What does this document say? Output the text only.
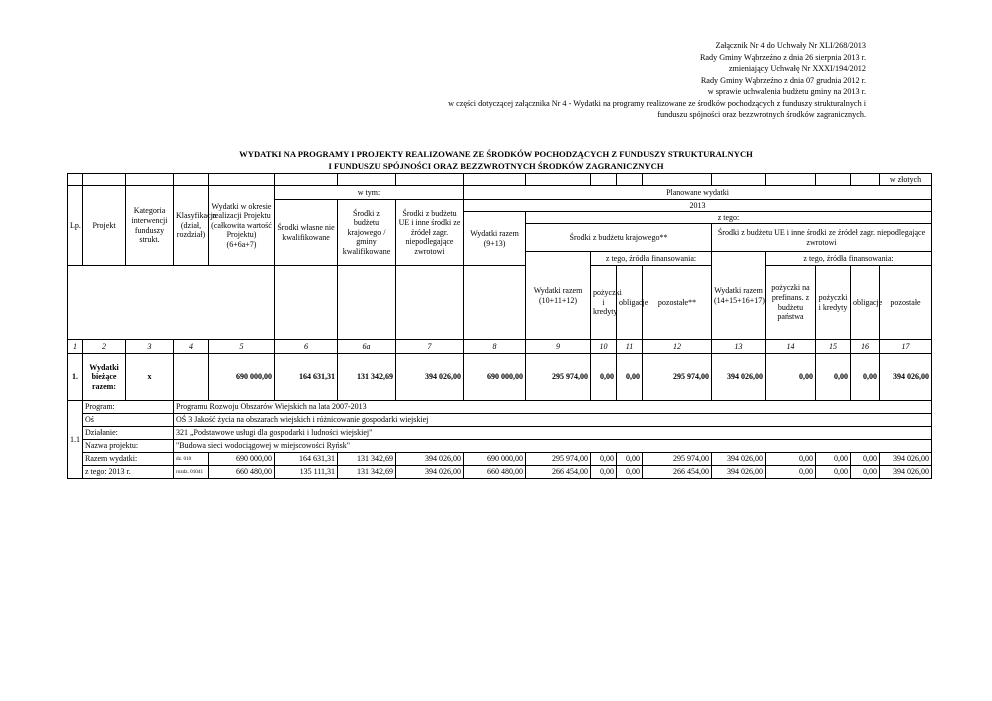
Załącznik Nr 4 do Uchwały Nr XLI/268/2013
Rady Gminy Wąbrzeźno z dnia 26 sierpnia 2013 r.
zmieniający Uchwałę Nr XXXI/194/2012
Rady Gminy Wąbrzeźno z dnia 07 grudnia 2012 r.
w sprawie uchwalenia budżetu gminy na 2013 r.
w części dotyczącej załącznika Nr 4 - Wydatki na programy realizowane ze środków pochodzących z funduszy strukturalnych i
funduszu spójności oraz bezzwrotnych środków zagranicznych.
WYDATKI NA PROGRAMY I PROJEKTY REALIZOWANE ZE ŚRODKÓW POCHODZĄCYCH Z FUNDUSZY STRUKTURALNYCH
I FUNDUSZU SPÓJNOŚCI ORAZ BEZZWROTNYCH ŚRODKÓW ZAGRANICZNYCH
																	w złotych
Lp.	Projekt	Kategoria interwencji funduszy strukt.	Klasyfikacja (dział, rozdział)	Wydatki w okresie realizacji Projektu (całkowita wartość Projektu) (6+6a+7)	w tym:			Planowane wydatki									
					Środki własne nie kwalifikowane	Środki z budżetu krajowego / gminy kwalifikowane	Środki z budżetu UE i inne środki ze źródeł zagr. niepodlegające zwrotowi	2013									
								Wydatki razem (9+13)	z tego:								
									Środki z budżetu krajowego**				Środki z budżetu UE i inne środki ze źródeł zagr. niepodlegające zwrotowi				
									Wydatki razem (10+11+12)	z tego, źródła finansowania:			Wydatki razem (14+15+16+17)	z tego, źródła finansowania:			
										pożyczki i kredyty	obligacje	pozostałe**		pożyczki na prefinans. z budżetu państwa	pożyczki i kredyty	obligacje	pozostałe
1	2	3	4	5	6	6a	7	8	9	10	11	12	13	14	15	16	17
1.	Wydatki bieżące razem:	x		690 000,00	164 631,31	131 342,69	394 026,00	690 000,00	295 974,00	0,00	0,00	295 974,00	394 026,00	0,00	0,00	0,00	394 026,00
1.1	Program:		Programu Rozwoju Obszarów Wiejskich na lata 2007-2013														
	Oś		OŚ 3 Jakość życia na obszarach wiejskich i różnicowanie gospodarki wiejskiej														
	Działanie:		321 „Podstawowe usługi dla gospodarki i ludności wiejskiej"														
	Nazwa projektu:		"Budowa sieci wodociągowej w miejscowości Ryńsk"														
	Razem wydatki:		dz. 010	690 000,00	164 631,31	131 342,69	394 026,00	690 000,00	295 974,00	0,00	0,00	295 974,00	394 026,00	0,00	0,00	0,00	394 026,00
	z tego: 2013 r.		rozdz. 01041	660 480,00	135 111,31	131 342,69	394 026,00	660 480,00	266 454,00	0,00	0,00	266 454,00	394 026,00	0,00	0,00	0,00	394 026,00
